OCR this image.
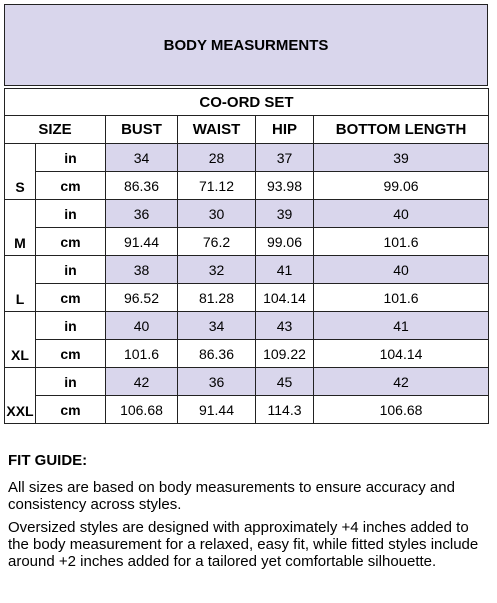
BODY MEASURMENTS
CO-ORD SET					
SIZE		BUST	WAIST	HIP	BOTTOM LENGTH
S	in	34	28	37	39
	cm	86.36	71.12	93.98	99.06
M	in	36	30	39	40
	cm	91.44	76.2	99.06	101.6
L	in	38	32	41	40
	cm	96.52	81.28	104.14	101.6
XL	in	40	34	43	41
	cm	101.6	86.36	109.22	104.14
XXL	in	42	36	45	42
	cm	106.68	91.44	114.3	106.68

FIT GUIDE:

All sizes are based on body measurements to ensure accuracy and consistency across styles.

Oversized styles are designed with approximately +4 inches added to the body measurement for a relaxed, easy fit, while fitted styles include around +2 inches added for a tailored yet comfortable silhouette.
